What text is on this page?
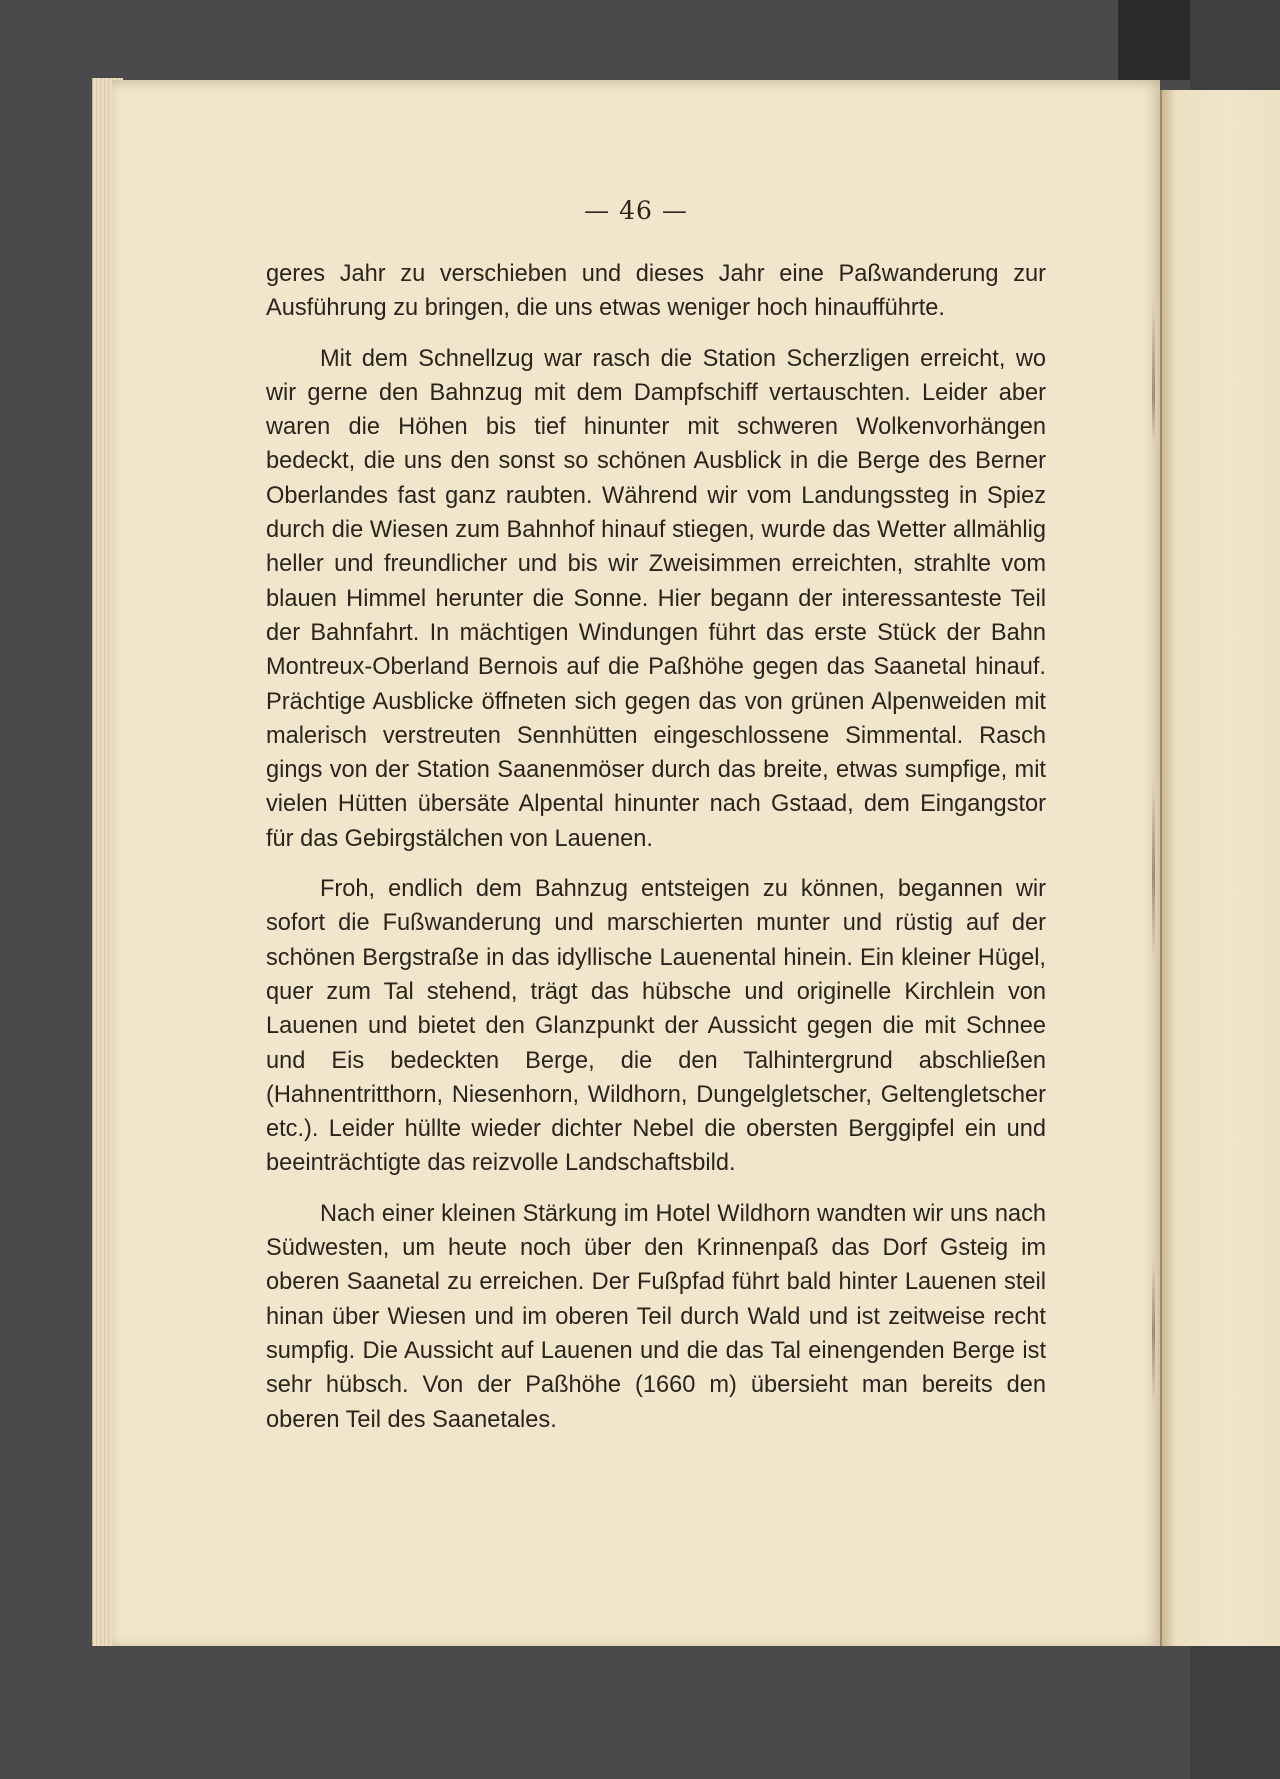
— 46 —

geres Jahr zu verschieben und dieses Jahr eine Paßwanderung zur Ausführung zu bringen, die uns etwas weniger hoch hinaufführte.

Mit dem Schnellzug war rasch die Station Scherzligen erreicht, wo wir gerne den Bahnzug mit dem Dampfschiff vertauschten. Leider aber waren die Höhen bis tief hinunter mit schweren Wolkenvorhängen bedeckt, die uns den sonst so schönen Ausblick in die Berge des Berner Oberlandes fast ganz raubten. Während wir vom Landungssteg in Spiez durch die Wiesen zum Bahnhof hinauf stiegen, wurde das Wetter allmählig heller und freundlicher und bis wir Zweisimmen erreichten, strahlte vom blauen Himmel herunter die Sonne. Hier begann der interessanteste Teil der Bahnfahrt. In mächtigen Windungen führt das erste Stück der Bahn Montreux-Oberland Bernois auf die Paßhöhe gegen das Saanetal hinauf. Prächtige Ausblicke öffneten sich gegen das von grünen Alpenweiden mit malerisch verstreuten Sennhütten eingeschlossene Simmental. Rasch gings von der Station Saanenmöser durch das breite, etwas sumpfige, mit vielen Hütten übersäte Alpental hinunter nach Gstaad, dem Eingangstor für das Gebirgstälchen von Lauenen.

Froh, endlich dem Bahnzug entsteigen zu können, begannen wir sofort die Fußwanderung und marschierten munter und rüstig auf der schönen Bergstraße in das idyllische Lauenental hinein. Ein kleiner Hügel, quer zum Tal stehend, trägt das hübsche und originelle Kirchlein von Lauenen und bietet den Glanzpunkt der Aussicht gegen die mit Schnee und Eis bedeckten Berge, die den Talhintergrund abschließen (Hahnentritthorn, Niesenhorn, Wildhorn, Dungelgletscher, Geltengletscher etc.). Leider hüllte wieder dichter Nebel die obersten Berggipfel ein und beeinträchtigte das reizvolle Landschaftsbild.

Nach einer kleinen Stärkung im Hotel Wildhorn wandten wir uns nach Südwesten, um heute noch über den Krinnenpaß das Dorf Gsteig im oberen Saanetal zu erreichen. Der Fußpfad führt bald hinter Lauenen steil hinan über Wiesen und im oberen Teil durch Wald und ist zeitweise recht sumpfig. Die Aussicht auf Lauenen und die das Tal einengenden Berge ist sehr hübsch. Von der Paßhöhe (1660 m) übersieht man bereits den oberen Teil des Saanetales.
